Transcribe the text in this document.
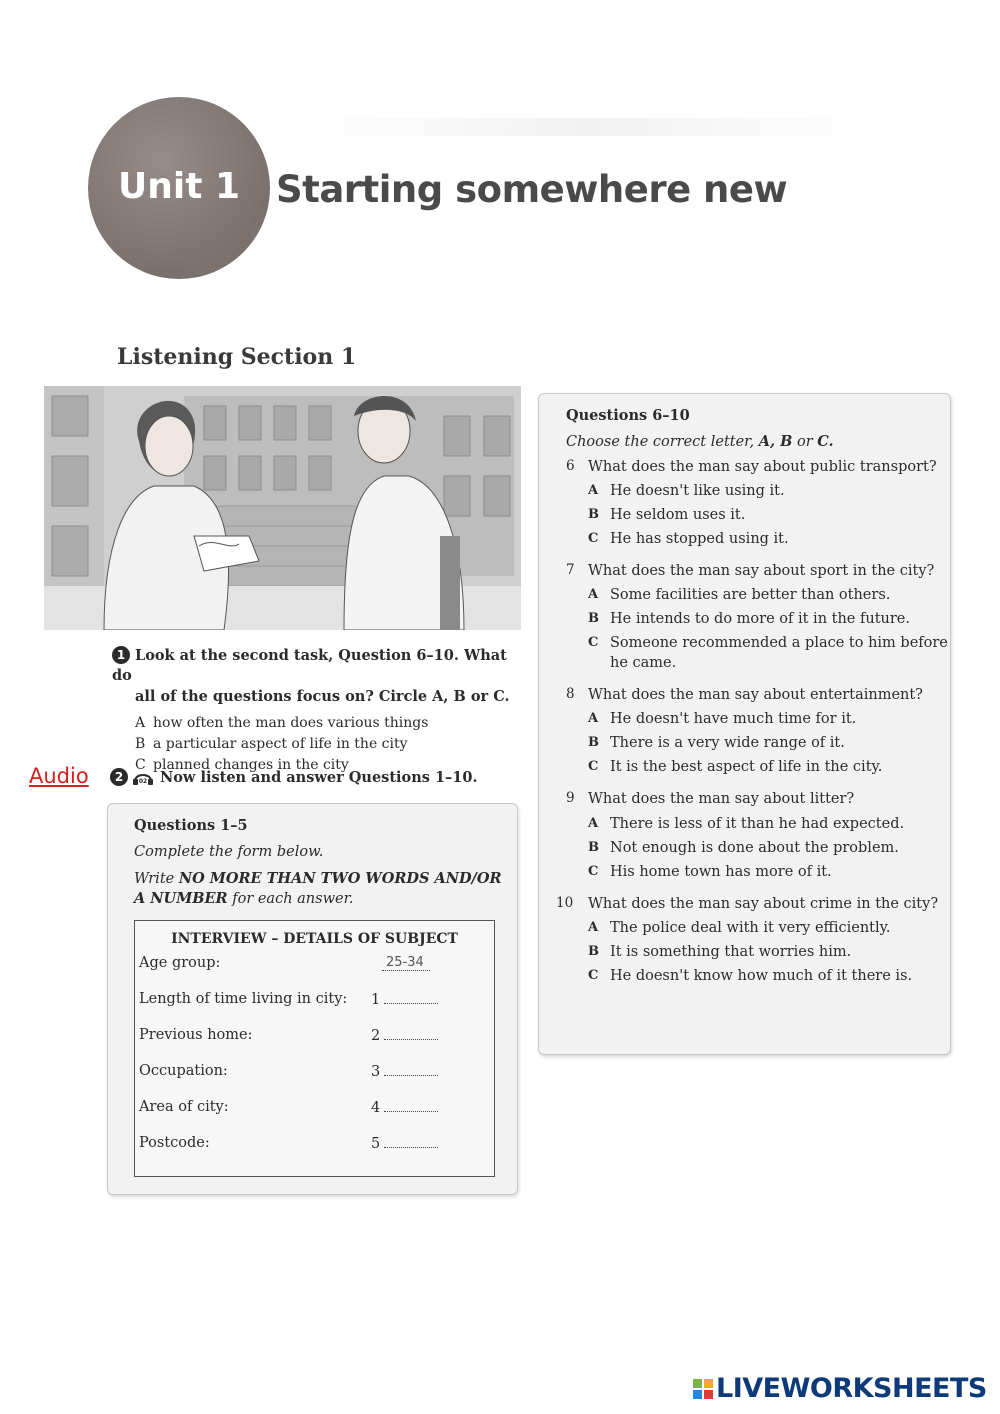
Unit 1 Starting somewhere new
Listening Section 1
1 Look at the second task, Question 6–10. What do
all of the questions focus on? Circle A, B or C.
A how often the man does various things
B a particular aspect of life in the city
C planned changes in the city
Audio	2	02 Now listen and answer Questions 1–10.
Questions 1–5
Complete the form below.
Write NO MORE THAN TWO WORDS AND/OR
A NUMBER for each answer.
INTERVIEW – DETAILS OF SUBJECT
Age group:	25-34
Length of time living in city: 1
Previous home:	2
Occupation:	3
Area of city:	4
Postcode:	5
Questions 6–10
Choose the correct letter, A, B or C.
6 What does the man say about public transport?
A He doesn't like using it.
B He seldom uses it.
C He has stopped using it.
7 What does the man say about sport in the city?
A Some facilities are better than others.
B He intends to do more of it in the future.
C Someone recommended a place to him before he came.
8 What does the man say about entertainment?
A He doesn't have much time for it.
B There is a very wide range of it.
C It is the best aspect of life in the city.
9 What does the man say about litter?
A There is less of it than he had expected.
B Not enough is done about the problem.
C His home town has more of it.
10 What does the man say about crime in the city?
A The police deal with it very efficiently.
B It is something that worries him.
C He doesn't know how much of it there is.
LIVEWORKSHEETS
